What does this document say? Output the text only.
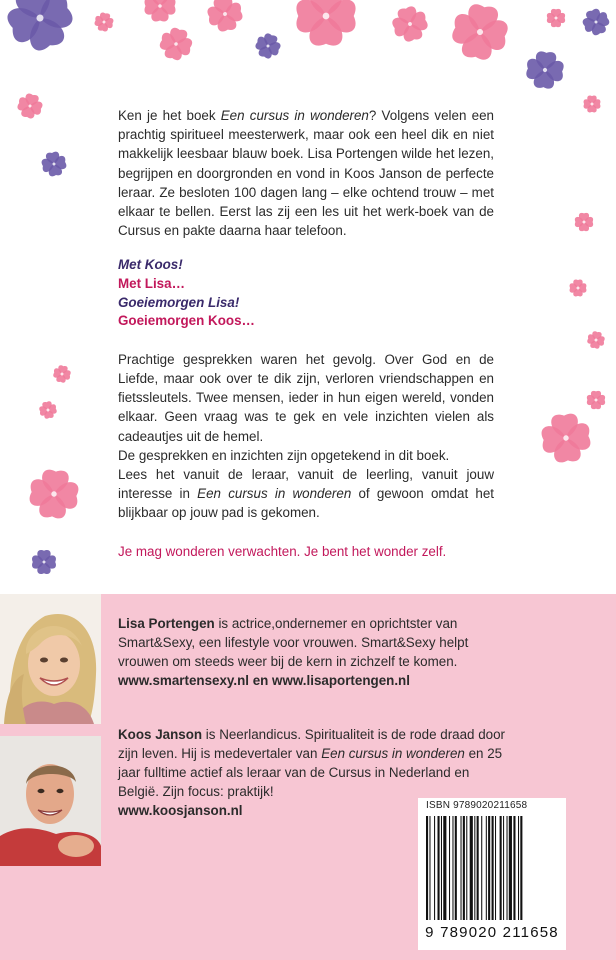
Ken je het boek Een cursus in wonderen? Volgens velen een prachtig spiritueel meesterwerk, maar ook een heel dik en niet makkelijk leesbaar blauw boek. Lisa Portengen wilde het lezen, begrijpen en doorgronden en vond in Koos Janson de perfecte leraar. Ze besloten 100 dagen lang – elke ochtend trouw – met elkaar te bellen. Eerst las zij een les uit het werk-boek van de Cursus en pakte daarna haar telefoon.

Met Koos!
Met Lisa…
Goeiemorgen Lisa!
Goeiemorgen Koos…

Prachtige gesprekken waren het gevolg. Over God en de Liefde, maar ook over te dik zijn, verloren vriendschappen en fietssleutels. Twee mensen, ieder in hun eigen wereld, vonden elkaar. Geen vraag was te gek en vele inzichten vielen als cadeautjes uit de hemel.

De gesprekken en inzichten zijn opgetekend in dit boek.

Lees het vanuit de leraar, vanuit de leerling, vanuit jouw interesse in Een cursus in wonderen of gewoon omdat het blijkbaar op jouw pad is gekomen.

Je mag wonderen verwachten. Je bent het wonder zelf.
Lisa Portengen is actrice,ondernemer en oprichtster van Smart&Sexy, een lifestyle voor vrouwen. Smart&Sexy helpt vrouwen om steeds weer bij de kern in zichzelf te komen.
www.smartensexy.nl en www.lisaportengen.nl
Koos Janson is Neerlandicus. Spiritualiteit is de rode draad door zijn leven. Hij is medevertaler van Een cursus in wonderen en 25 jaar fulltime actief als leraar van de Cursus in Nederland en België. Zijn focus: praktijk!
www.koosjanson.nl	ISBN 9789020211658
9 789020 211658
